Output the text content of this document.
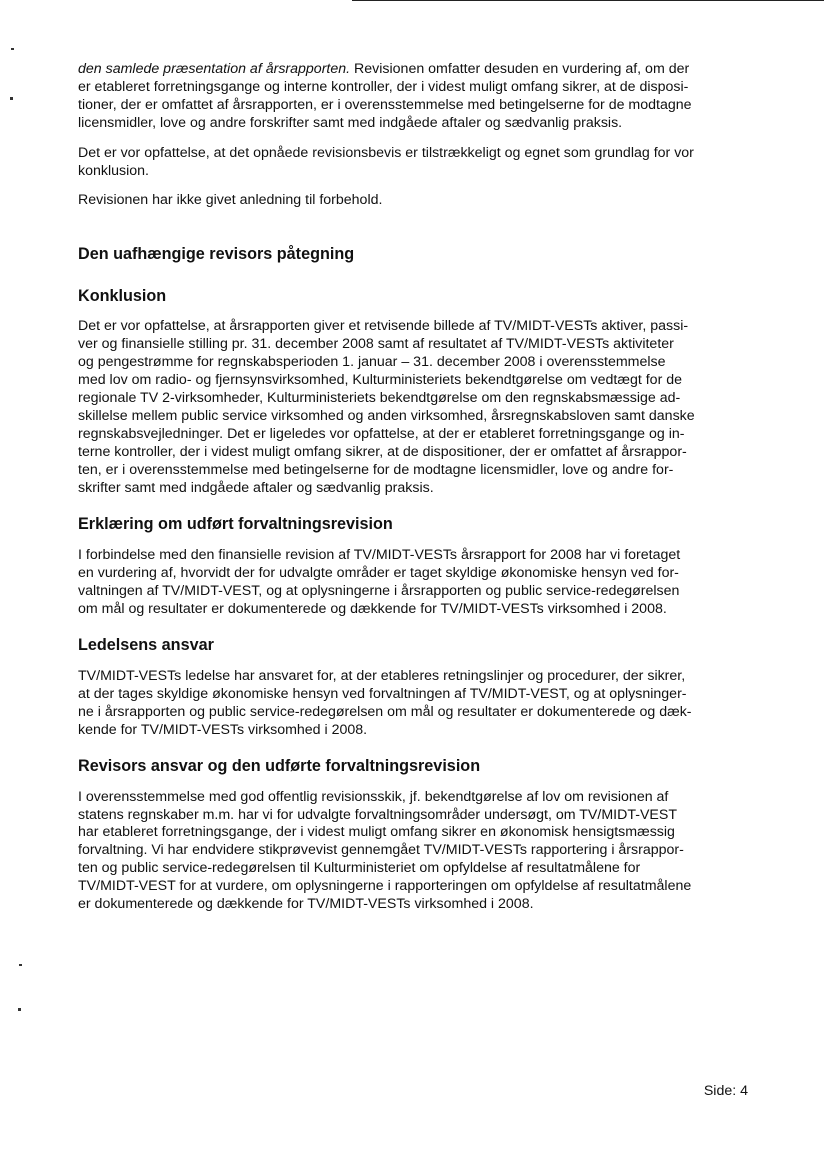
den samlede præsentation af årsrapporten. Revisionen omfatter desuden en vurdering af, om der
er etableret forretningsgange og interne kontroller, der i videst muligt omfang sikrer, at de disposi-
tioner, der er omfattet af årsrapporten, er i overensstemmelse med betingelserne for de modtagne
licensmidler, love og andre forskrifter samt med indgåede aftaler og sædvanlig praksis.

Det er vor opfattelse, at det opnåede revisionsbevis er tilstrækkeligt og egnet som grundlag for vor
konklusion.

Revisionen har ikke givet anledning til forbehold.

Den uafhængige revisors påtegning
Konklusion

Det er vor opfattelse, at årsrapporten giver et retvisende billede af TV/MIDT-VESTs aktiver, passi-
ver og finansielle stilling pr. 31. december 2008 samt af resultatet af TV/MIDT-VESTs aktiviteter
og pengestrømme for regnskabsperioden 1. januar – 31. december 2008 i overensstemmelse
med lov om radio- og fjernsynsvirksomhed, Kulturministeriets bekendtgørelse om vedtægt for de
regionale TV 2-virksomheder, Kulturministeriets bekendtgørelse om den regnskabsmæssige ad-
skillelse mellem public service virksomhed og anden virksomhed, årsregnskabsloven samt danske
regnskabsvejledninger. Det er ligeledes vor opfattelse, at der er etableret forretningsgange og in-
terne kontroller, der i videst muligt omfang sikrer, at de dispositioner, der er omfattet af årsrappor-
ten, er i overensstemmelse med betingelserne for de modtagne licensmidler, love og andre for-
skrifter samt med indgåede aftaler og sædvanlig praksis.

Erklæring om udført forvaltningsrevision

I forbindelse med den finansielle revision af TV/MIDT-VESTs årsrapport for 2008 har vi foretaget
en vurdering af, hvorvidt der for udvalgte områder er taget skyldige økonomiske hensyn ved for-
valtningen af TV/MIDT-VEST, og at oplysningerne i årsrapporten og public service-redegørelsen
om mål og resultater er dokumenterede og dækkende for TV/MIDT-VESTs virksomhed i 2008.

Ledelsens ansvar

TV/MIDT-VESTs ledelse har ansvaret for, at der etableres retningslinjer og procedurer, der sikrer,
at der tages skyldige økonomiske hensyn ved forvaltningen af TV/MIDT-VEST, og at oplysninger-
ne i årsrapporten og public service-redegørelsen om mål og resultater er dokumenterede og dæk-
kende for TV/MIDT-VESTs virksomhed i 2008.

Revisors ansvar og den udførte forvaltningsrevision

I overensstemmelse med god offentlig revisionsskik, jf. bekendtgørelse af lov om revisionen af
statens regnskaber m.m. har vi for udvalgte forvaltningsområder undersøgt, om TV/MIDT-VEST
har etableret forretningsgange, der i videst muligt omfang sikrer en økonomisk hensigtsmæssig
forvaltning. Vi har endvidere stikprøvevist gennemgået TV/MIDT-VESTs rapportering i årsrappor-
ten og public service-redegørelsen til Kulturministeriet om opfyldelse af resultatmålene for
TV/MIDT-VEST for at vurdere, om oplysningerne i rapporteringen om opfyldelse af resultatmålene
er dokumenterede og dækkende for TV/MIDT-VESTs virksomhed i 2008.

Side: 4
